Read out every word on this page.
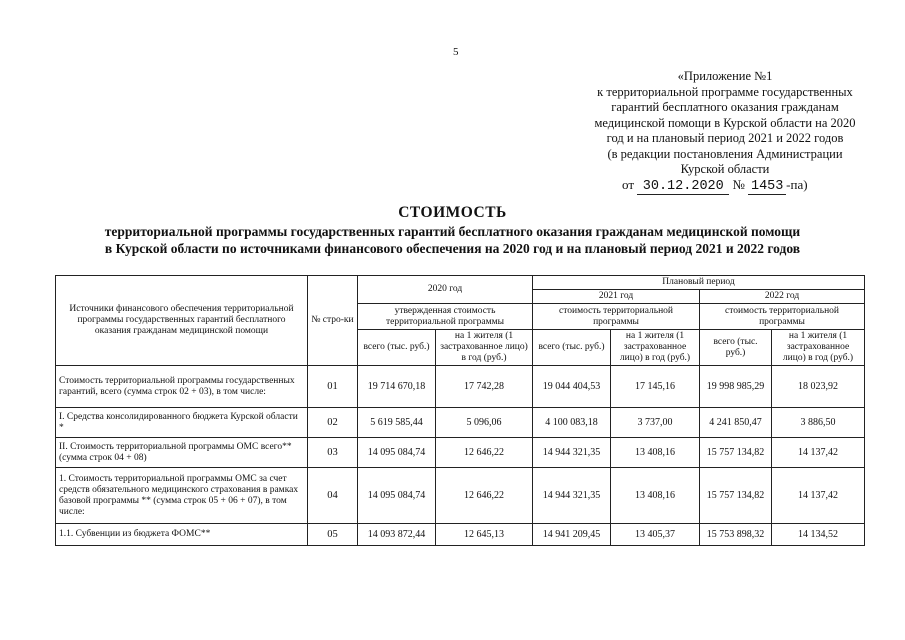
5
«Приложение №1
к территориальной программе государственных
гарантий бесплатного оказания гражданам
медицинской помощи в Курской области на 2020
год и на плановый период 2021 и 2022 годов
(в редакции постановления Администрации
Курской области
от 30.12.2020 № 1453 -па)
СТОИМОСТЬ
территориальной программы государственных гарантий бесплатного оказания гражданам медицинской помощи
в Курской области по источниками финансового обеспечения на 2020 год и на плановый период 2021 и 2022 годов
Источники финансового обеспечения территориальной программы государственных гарантий бесплатного оказания гражданам медицинской помощи	№ стро-ки	2020 год		Плановый период			
				2021 год		2022 год	
		утвержденная стоимость территориальной программы		стоимость территориальной программы		стоимость территориальной программы	
		всего (тыс. руб.)	на 1 жителя (1 застрахованное лицо) в год (руб.)	всего (тыс. руб.)	на 1 жителя (1 застрахованное лицо) в год (руб.)	всего (тыс. руб.)	на 1 жителя (1 застрахованное лицо) в год (руб.)
Стоимость территориальной программы государственных гарантий, всего (сумма строк 02 + 03), в том числе:	01	19 714 670,18	17 742,28	19 044 404,53	17 145,16	19 998 985,29	18 023,92
I. Средства консолидированного бюджета Курской области *	02	5 619 585,44	5 096,06	4 100 083,18	3 737,00	4 241 850,47	3 886,50
II. Стоимость территориальной программы ОМС всего** (сумма строк 04 + 08)	03	14 095 084,74	12 646,22	14 944 321,35	13 408,16	15 757 134,82	14 137,42
1. Стоимость территориальной программы ОМС за счет средств обязательного медицинского страхования в рамках базовой программы ** (сумма строк 05 + 06 + 07), в том числе:	04	14 095 084,74	12 646,22	14 944 321,35	13 408,16	15 757 134,82	14 137,42
1.1. Субвенции из бюджета ФОМС**	05	14 093 872,44	12 645,13	14 941 209,45	13 405,37	15 753 898,32	14 134,52
